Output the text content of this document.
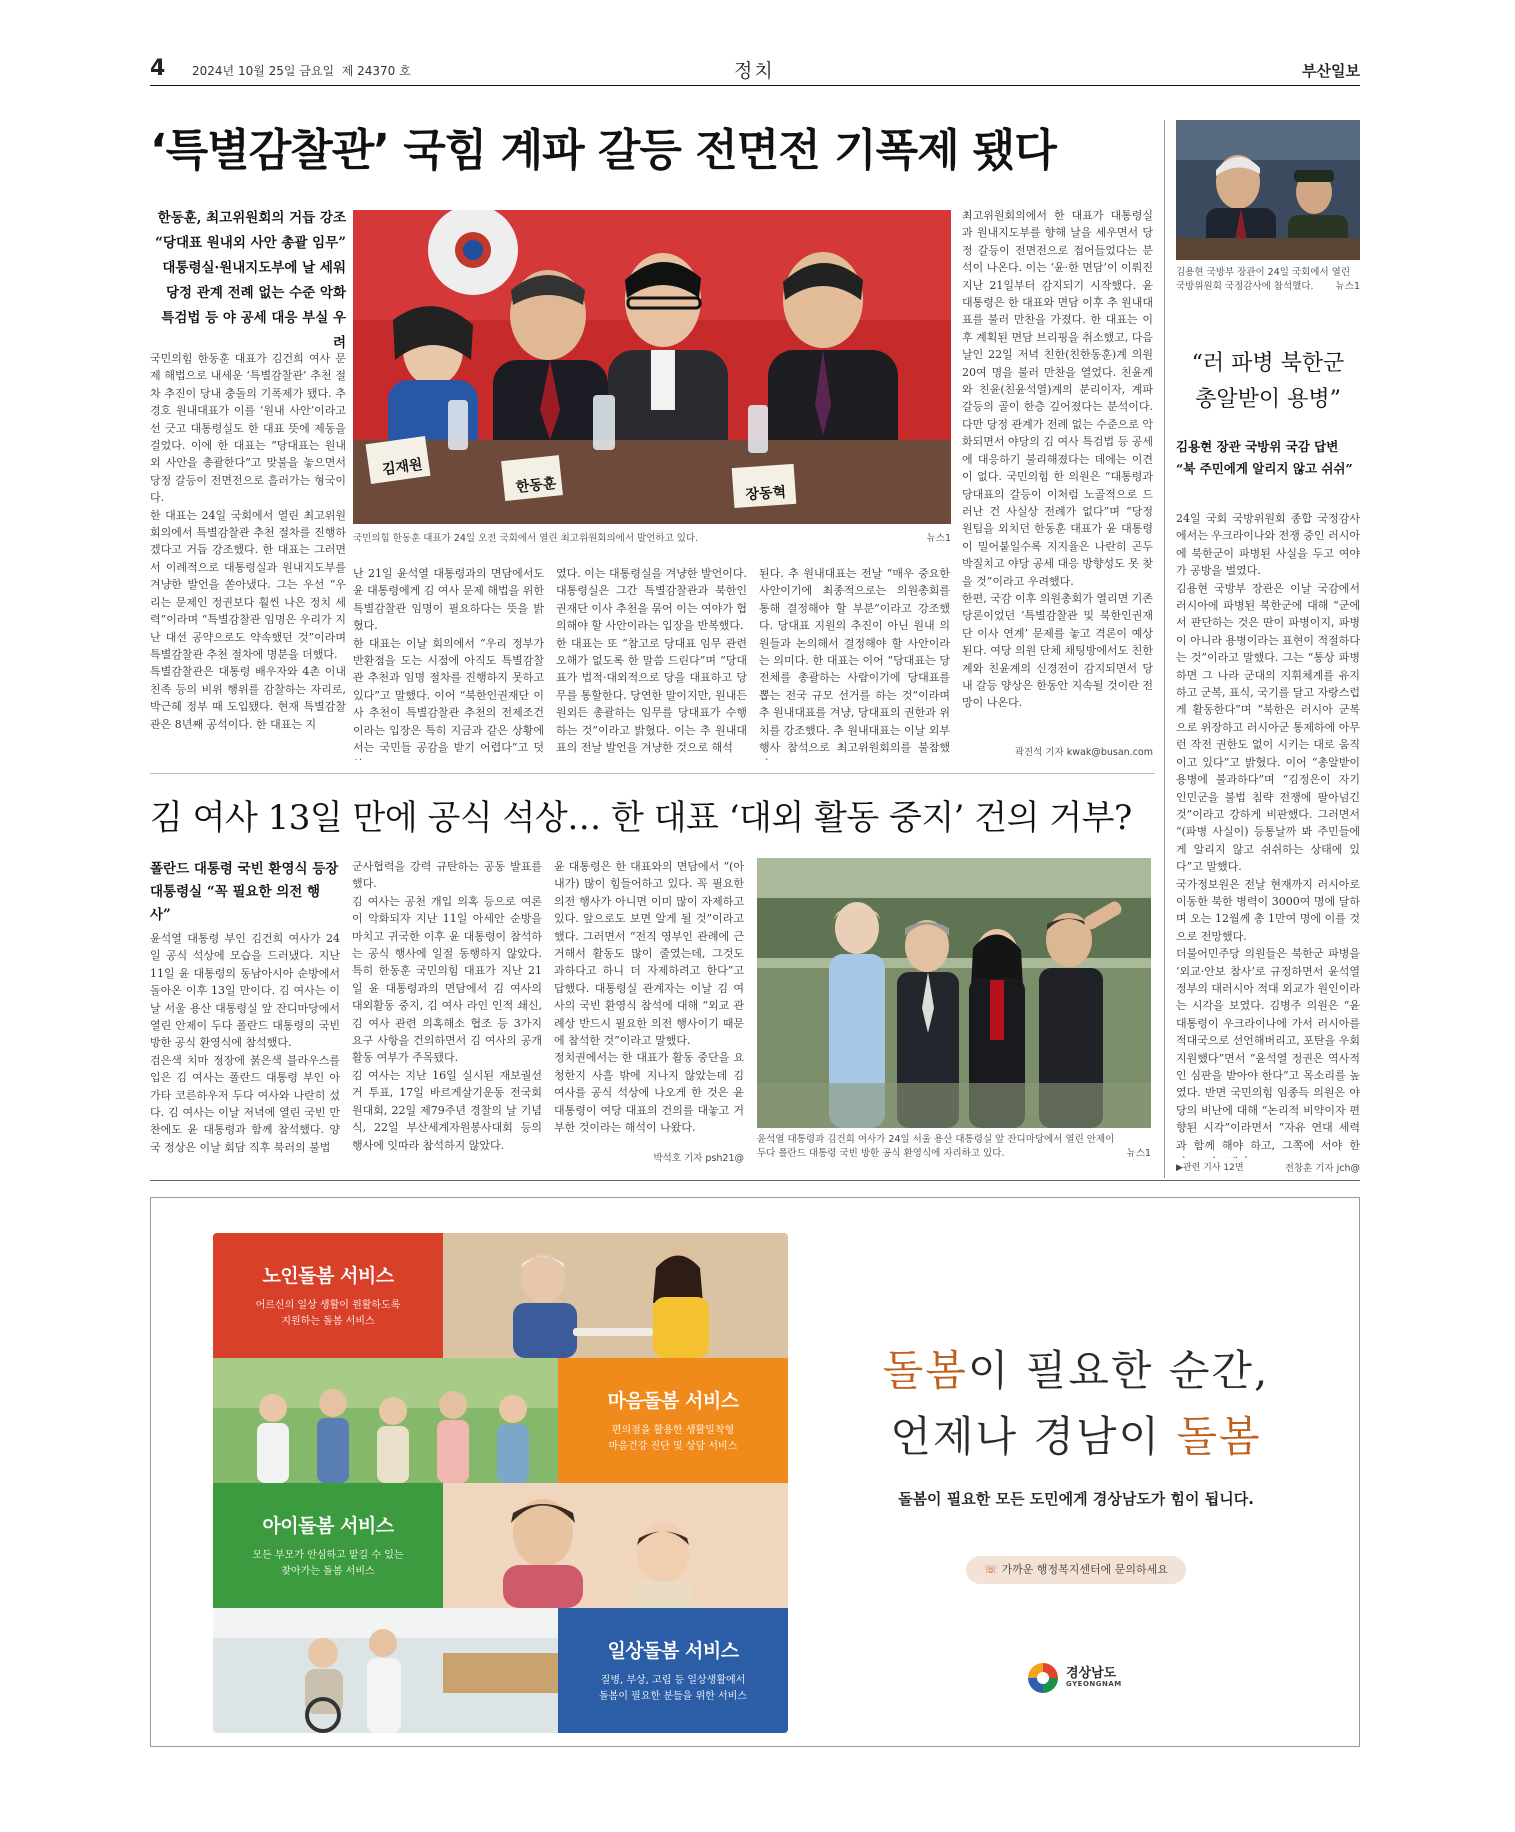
4 2024년 10월 25일 금요일 제 24370 호	정치	부산일보
‘특별감찰관’ 국힘 계파 갈등 전면전 기폭제 됐다
한동훈, 최고위원회의 거듭 강조
“당대표 원내외 사안 총괄 임무”
대통령실·원내지도부에 날 세워
당정 관계 전례 없는 수준 악화
특검법 등 야 공세 대응 부실 우려
국민의힘 한동훈 대표가 김건희 여사 문제 해법으로 내세운 ‘특별감찰관’ 추천 절차 추진이 당내 충돌의 기폭제가 됐다. 추경호 원내대표가 이를 ‘원내 사안’이라고 선 긋고 대통령실도 한 대표 뜻에 제동을 걸었다. 이에 한 대표는 “당대표는 원내외 사안을 총괄한다”고 맞불을 놓으면서 당정 갈등이 전면전으로 흘러가는 형국이다.
한 대표는 24일 국회에서 열린 최고위원회의에서 특별감찰관 추천 절차를 진행하겠다고 거듭 강조했다. 한 대표는 그러면서 이례적으로 대통령실과 원내지도부를 겨냥한 발언을 쏟아냈다. 그는 우선 “우리는 문제인 정권보다 훨씬 나은 정치 세력”이라며 “특별감찰관 임명은 우리가 지난 대선 공약으로도 약속했던 것”이라며 특별감찰관 추천 절차에 명분을 더했다.
특별감찰관은 대통령 배우자와 4촌 이내 친족 등의 비위 행위를 감찰하는 자리로, 박근혜 정부 때 도입됐다. 현재 특별감찰관은 8년째 공석이다. 한 대표는 지
김재원
한동훈	장동혁
국민의힘 한동훈 대표가 24일 오전 국회에서 열린 최고위원회의에서 발언하고 있다.	뉴스1
난 21일 윤석열 대통령과의 면담에서도 윤 대통령에게 김 여사 문제 해법을 위한 특별감찰관 임명이 필요하다는 뜻을 밝혔다.
한 대표는 이날 회의에서 “우리 정부가 반환점을 도는 시점에 아직도 특별감찰관 추천과 임명 절차를 진행하지 못하고 있다”고 말했다. 이어 “북한인권재단 이사 추천이 특별감찰관 추천의 전제조건이라는 입장은 특히 지금과 같은 상황에서는 국민들 공감을 받기 어렵다”고 덧
였다. 이는 대통령실을 겨냥한 발언이다. 대통령실은 그간 특별감찰관과 북한인권재단 이사 추천을 묶어 이는 여야가 협의해야 할 사안이라는 입장을 반복했다.
한 대표는 또 “참고로 당대표 임무 관련 오해가 없도록 한 말씀 드린다”며 “당대표가 법적·대외적으로 당을 대표하고 당무를 통할한다. 당연한 말이지만, 원내든 원외든 총괄하는 임무를 당대표가 수행하는 것”이라고 밝혔다. 이는 추 원내대표의 전날 발언을 겨냥한 것으로 해석
된다. 추 원내대표는 전날 “매우 중요한 사안이기에 최종적으로는 의원총회를 통해 결정해야 할 부분”이라고 강조했다. 당대표 지원의 추진이 아닌 원내 의원들과 논의해서 결정해야 할 사안이라는 의미다. 한 대표는 이어 “당대표는 당 전체를 총괄하는 사람이기에 당대표를 뽑는 전국 규모 선거를 하는 것”이라며 추 원내대표를 겨냥, 당대표의 권한과 위치를 강조했다. 추 원내대표는 이날 외부 행사 참석으로 최고위원회의를 불참했
최고위원회의에서 한 대표가 대통령실과 원내지도부를 향해 날을 세우면서 당정 갈등이 전면전으로 접어들었다는 분석이 나온다. 이는 ‘윤·한 면담’이 이뤄진 지난 21일부터 감지되기 시작했다. 윤 대통령은 한 대표와 면담 이후 추 원내대표를 불러 만찬을 가졌다. 한 대표는 이후 계획된 면담 브리핑을 취소했고, 다음날인 22일 저녁 친한(친한동훈)계 의원 20여 명을 불러 만찬을 열었다. 친윤계와 친윤(친윤석열)계의 분리이자, 계파 갈등의 골이 한층 깊어졌다는 분석이다. 다만 당정 관계가 전례 없는 수준으로 악화되면서 야당의 김 여사 특검법 등 공세에 대응하기 불리해졌다는 데에는 이견이 없다. 국민의힘 한 의원은 “대통령과 당대표의 갈등이 이처럼 노골적으로 드러난 건 사실상 전례가 없다”며 “당정 원팀을 외치던 한동훈 대표가 윤 대통령이 밀어붙일수록 지지율은 나란히 곤두박질치고 야당 공세 대응 방향성도 못 찾을 것”이라고 우려했다.
한편, 국감 이후 의원총회가 열리면 기존 당론이었던 ‘특별감찰관 및 북한인권재단 이사 연계’ 문제를 놓고 격론이 예상된다. 여당 의원 단체 채팅방에서도 친한계와 친윤계의 신경전이 감지되면서 당내 갈등 양상은 한동안 지속될 것이란 전망이 나온다.
곽진석 기자 kwak@busan.com
김용현 국방부 장관이 24일 국회에서 열린 국방위원회 국정감사에 참석했다. 뉴스1
“러 파병 북한군
총알받이 용병”
김용현 장관 국방위 국감 답변
“북 주민에게 알리지 않고 쉬쉬”
24일 국회 국방위원회 종합 국정감사에서는 우크라이나와 전쟁 중인 러시아에 북한군이 파병된 사실을 두고 여야가 공방을 벌였다.
김용현 국방부 장관은 이날 국감에서 러시아에 파병된 북한군에 대해 “군에서 판단하는 것은 딴이 파병이지, 파병이 아니라 용병이라는 표현이 적절하다는 것”이라고 말했다. 그는 “통상 파병하면 그 나라 군대의 지휘체계를 유지하고 군복, 표식, 국기를 달고 자랑스럽게 활동한다”며 “북한은 러시아 군복으로 위장하고 러시아군 통제하에 아무런 작전 권한도 없이 시키는 대로 움직이고 있다”고 밝혔다. 이어 “총알받이 용병에 불과하다”며 “김정은이 자기 인민군을 불법 침략 전쟁에 팔아넘긴 것”이라고 강하게 비판했다. 그러면서 “(파병 사실이) 등통날까 봐 주민들에게 알리지 않고 쉬쉬하는 상태에 있다”고 말했다.
국가정보원은 전날 현재까지 러시아로 이동한 북한 병력이 3000여 명에 달하며 오는 12월께 총 1만여 명에 이를 것으로 전망했다.
더불어민주당 의원들은 북한군 파병을 ‘외교·안보 참사’로 규정하면서 윤석열 정부의 대러시아 적대 외교가 원인이라는 시각을 보였다. 김병주 의원은 “윤 대통령이 우크라이나에 가서 러시아를 적대국으로 선언해버리고, 포탄을 우회 지원했다”면서 “윤석열 정권은 역사적인 심판을 받아야 한다”고 목소리를 높였다. 반면 국민의힘 임종득 의원은 야당의 비난에 대해 “논리적 비약이자 편향된 시각”이라면서 “자유 연대 세력과 함께 해야 하고, 그쪽에 서야 한
▶관련 기사 12면	전창훈 기자 jch@
김 여사 13일 만에 공식 석상… 한 대표 ‘대외 활동 중지’ 건의 거부?
폴란드 대통령 국빈 환영식 등장
대통령실 “꼭 필요한 의전 행사”
윤석열 대통령 부인 김건희 여사가 24일 공식 석상에 모습을 드러냈다. 지난 11일 윤 대통령의 동남아시아 순방에서 돌아온 이후 13일 만이다. 김 여사는 이날 서울 용산 대통령실 앞 잔디마당에서 열린 안제이 두다 폴란드 대통령의 국빈 방한 공식 환영식에 참석했다.
검은색 치마 정장에 붉은색 블라우스를 입은 김 여사는 폴란드 대통령 부인 아가타 코른하우저 두다 여사와 나란히 섰다. 김 여사는 이날 저녁에 열린 국빈 만찬에도 윤 대통령과 함께 참석했다. 양국 정상은 이날 회담 직후 북러의 불법
군사협력을 강력 규탄하는 공동 발표를 했다.
김 여사는 공천 개입 의혹 등으로 여론이 악화되자 지난 11일 아세안 순방을 마치고 귀국한 이후 윤 대통령이 참석하는 공식 행사에 일절 동행하지 않았다. 특히 한동훈 국민의힘 대표가 지난 21일 윤 대통령과의 면담에서 김 여사의 대외활동 중지, 김 여사 라인 인적 쇄신, 김 여사 관련 의혹해소 협조 등 3가지 요구 사항을 건의하면서 김 여사의 공개 활동 여부가 주목됐다.
김 여사는 지난 16일 실시된 재보궐선거 투표, 17일 바르게살기운동 전국회원대회, 22일 제79주년 경찰의 날 기념식, 22일 부산세계자원봉사대회 등의 행사에 잇따라 참석하지 않았다.
윤 대통령은 한 대표와의 면담에서 “(아내가) 많이 힘들어하고 있다. 꼭 필요한 의전 행사가 아니면 이미 많이 자제하고 있다. 앞으로도 보면 알게 될 것”이라고 했다. 그러면서 “전직 영부인 관례에 근거해서 활동도 많이 줄였는데, 그것도 과하다고 하니 더 자제하려고 한다”고 답했다. 대통령실 관계자는 이날 김 여사의 국빈 환영식 참석에 대해 “외교 관례상 반드시 필요한 의전 행사이기 때문에 참석한 것”이라고 말했다.
정치권에서는 한 대표가 활동 중단을 요청한지 사흘 밖에 지나지 않았는데 김 여사를 공식 석상에 나오게 한 것은 윤 대통령이 여당 대표의 건의를 대놓고 거부한 것이라는 해석이 나왔다.
박석호 기자 psh21@
윤석열 대통령과 김건희 여사가 24일 서울 용산 대통령실 앞 잔디마당에서 열린 안제이 두다 폴란드 대통령 국빈 방한 공식 환영식에 자리하고 있다.	뉴스1
노인돌봄 서비스
어르신의 일상 생활이 원활하도록
지원하는 돌봄 서비스
마음돌봄 서비스
편의점을 활용한 생활밀착형
마음건강 진단 및 상담 서비스
아이돌봄 서비스
모든 부모가 안심하고 맡길 수 있는
찾아가는 돌봄 서비스
일상돌봄 서비스
질병, 부상, 고립 등 일상생활에서
돌봄이 필요한 분들을 위한 서비스
돌봄이 필요한 순간,
언제나 경남이 돌봄
돌봄이 필요한 모든 도민에게 경상남도가 힘이 됩니다.
☏ 가까운 행정복지센터에 문의하세요
경상남도
GYEONGNAM
